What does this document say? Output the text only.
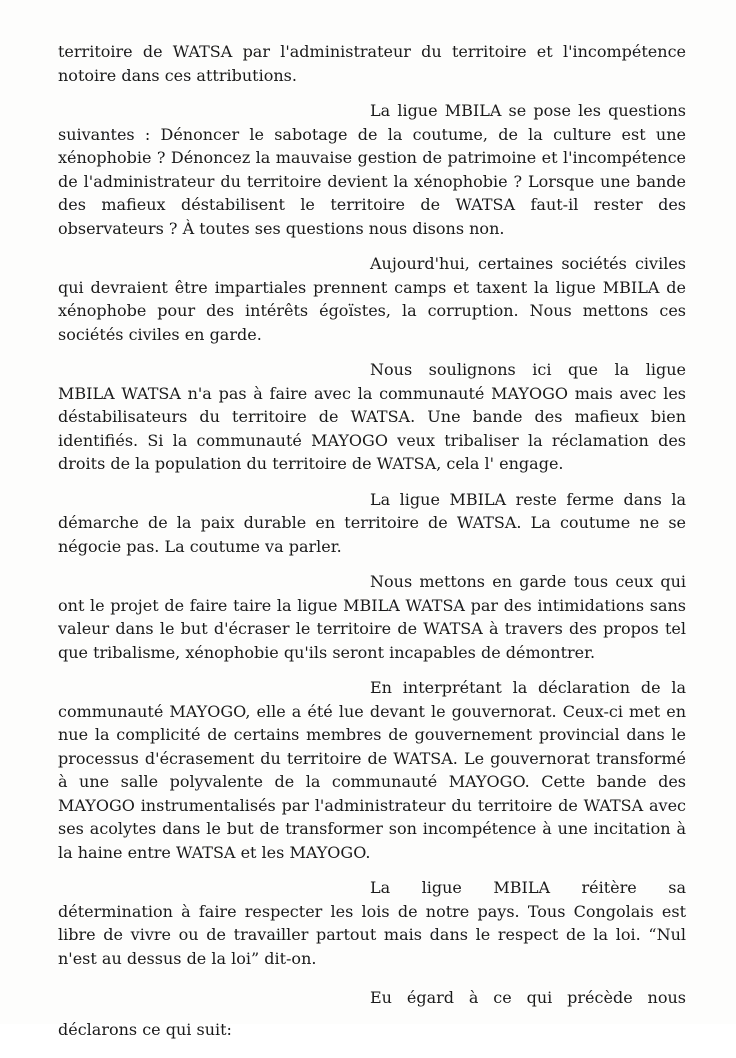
territoire de WATSA par l'administrateur du territoire et l'incompétence notoire dans ces attributions.

La ligue MBILA se pose les questions suivantes : Dénoncer le sabotage de la coutume, de la culture est une xénophobie ? Dénoncez la mauvaise gestion de patrimoine et l'incompétence de l'administrateur du territoire devient la xénophobie ? Lorsque une bande des mafieux déstabilisent le territoire de WATSA faut-il rester des observateurs ? À toutes ses questions nous disons non.

Aujourd'hui, certaines sociétés civiles qui devraient être impartiales prennent camps et taxent la ligue MBILA de xénophobe pour des intérêts égoïstes, la corruption. Nous mettons ces sociétés civiles en garde.

Nous soulignons ici que la ligue MBILA WATSA n'a pas à faire avec la communauté MAYOGO mais avec les déstabilisateurs du territoire de WATSA. Une bande des mafieux bien identifiés. Si la communauté MAYOGO veux tribaliser la réclamation des droits de la population du territoire de WATSA, cela l' engage.

La ligue MBILA reste ferme dans la démarche de la paix durable en territoire de WATSA. La coutume ne se négocie pas. La coutume va parler.

Nous mettons en garde tous ceux qui ont le projet de faire taire la ligue MBILA WATSA par des intimidations sans valeur dans le but d'écraser le territoire de WATSA à travers des propos tel que tribalisme, xénophobie qu'ils seront incapables de démontrer.

En interprétant la déclaration de la communauté MAYOGO, elle a été lue devant le gouvernorat. Ceux-ci met en nue la complicité de certains membres de gouvernement provincial dans le processus d'écrasement du territoire de WATSA. Le gouvernorat transformé à une salle polyvalente de la communauté MAYOGO. Cette bande des MAYOGO instrumentalisés par l'administrateur du territoire de WATSA avec ses acolytes dans le but de transformer son incompétence à une incitation à la haine entre WATSA et les MAYOGO.

La ligue MBILA réitère sa détermination à faire respecter les lois de notre pays. Tous Congolais est libre de vivre ou de travailler partout mais dans le respect de la loi. “Nul n'est au dessus de la loi” dit-on.

Eu égard à ce qui précède nous déclarons ce qui suit:
